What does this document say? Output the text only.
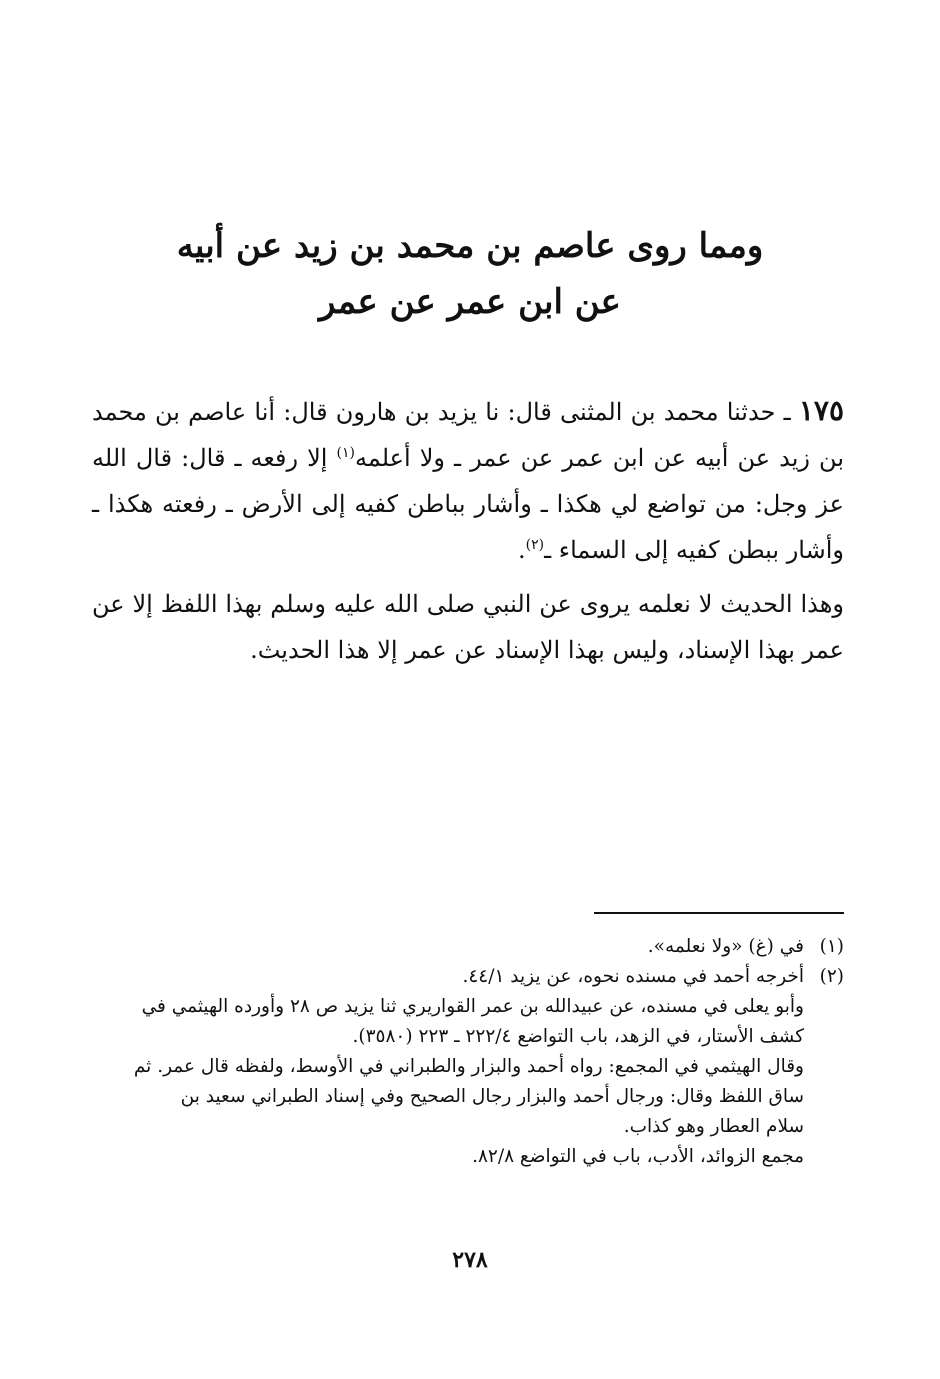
ومما روى عاصم بن محمد بن زيد عن أبيه
عن ابن عمر عن عمر

١٧٥ ـ حدثنا محمد بن المثنى قال: نا يزيد بن هارون قال: أنا عاصم بن محمد بن زيد عن أبيه عن ابن عمر عن عمر ـ ولا أعلمه$^{(١)}$ إلا رفعه ـ قال: قال الله عز وجل: من تواضع لي هكذا ـ وأشار بباطن كفيه إلى الأرض ـ رفعته هكذا ـ وأشار ببطن كفيه إلى السماء ـ$^{(٢)}$.

وهذا الحديث لا نعلمه يروى عن النبي صلى الله عليه وسلم بهذا اللفظ إلا عن عمر بهذا الإسناد، وليس بهذا الإسناد عن عمر إلا هذا الحديث.

(١)
في (غ) «ولا نعلمه».
(٢)
أخرجه أحمد في مسنده نحوه، عن يزيد ٤٤/١.
وأبو يعلى في مسنده، عن عبيدالله بن عمر القواريري ثنا يزيد ص ٢٨ وأورده الهيثمي في
كشف الأستار، في الزهد، باب التواضع ٢٢٢/٤ ـ ٢٢٣ (٣٥٨٠).
وقال الهيثمي في المجمع: رواه أحمد والبزار والطبراني في الأوسط، ولفظه قال عمر. ثم
ساق اللفظ وقال: ورجال أحمد والبزار رجال الصحيح وفي إسناد الطبراني سعيد بن
سلام العطار وهو كذاب.
مجمع الزوائد، الأدب، باب في التواضع ٨٢/٨.
٢٧٨
